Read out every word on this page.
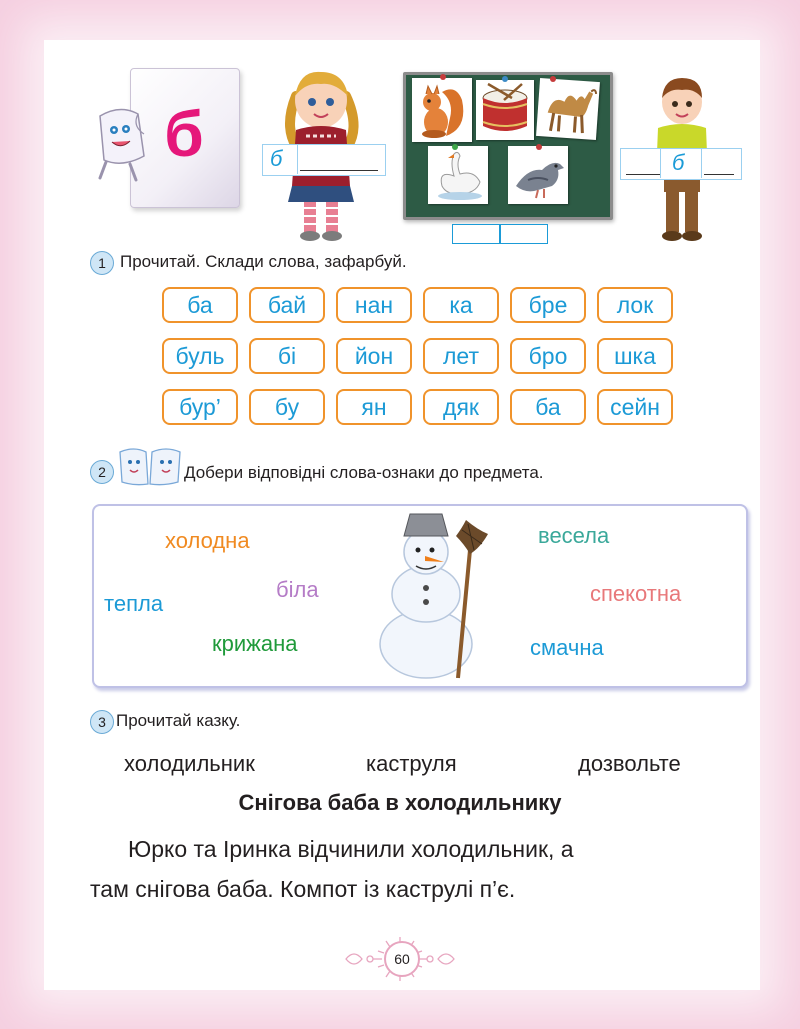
б	б	б
1 Прочитай. Склади слова, зафарбуй.
ба	бай	нан	ка	бре	лок
буль	бі	йон	лет	бро	шка
бур’	бу	ян	дяк	ба	сейн
2	Добери відповідні слова-ознаки до предмета.
холодна	весела
біла
тепла	спекотна
крижана	смачна
3 Прочитай казку.
холодильник	каструля	дозвольте
Снігова баба в холодильнику
Юрко та Іринка відчинили холодильник, а
там снігова баба. Компот із каструлі п’є.
60
